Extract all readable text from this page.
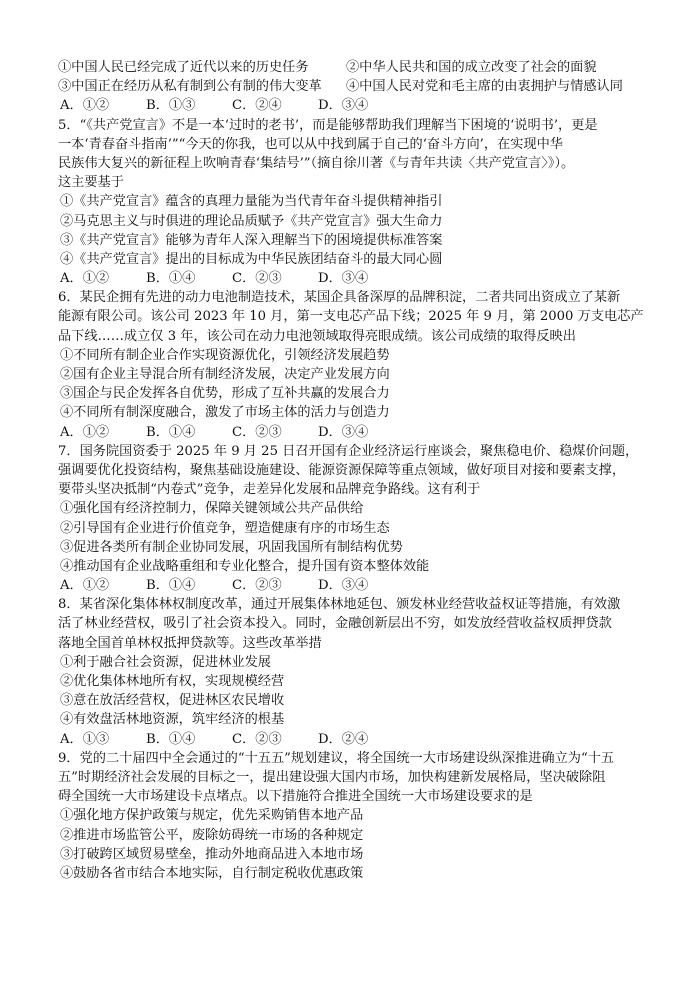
①中国人民已经完成了近代以来的历史任务	②中华人民共和国的成立改变了社会的面貌
③中国正在经历从私有制到公有制的伟大变革	④中国人民对党和毛主席的由衷拥护与情感认同
A．①②	B．①③	C．②④	D．③④
5．“《共产党宣言》不是一本‘过时的老书’，而是能够帮助我们理解当下困境的‘说明书’，更是
一本‘青春奋斗指南’”“今天的你我，也可以从中找到属于自己的‘奋斗方向’，在实现中华
民族伟大复兴的新征程上吹响青春‘集结号’”（摘自徐川著《与青年共读〈共产党宣言〉》）。
这主要基于
①《共产党宣言》蕴含的真理力量能为当代青年奋斗提供精神指引
②马克思主义与时俱进的理论品质赋予《共产党宣言》强大生命力
③《共产党宣言》能够为青年人深入理解当下的困境提供标准答案
④《共产党宣言》提出的目标成为中华民族团结奋斗的最大同心圆
A．①②	B．①④	C．②③	D．③④
6．某民企拥有先进的动力电池制造技术，某国企具备深厚的品牌积淀，二者共同出资成立了某新
能源有限公司。该公司 2023 年 10 月，第一支电芯产品下线；2025 年 9 月，第 2000 万支电芯产
品下线……成立仅 3 年，该公司在动力电池领域取得亮眼成绩。该公司成绩的取得反映出
①不同所有制企业合作实现资源优化，引领经济发展趋势
②国有企业主导混合所有制经济发展，决定产业发展方向
③国企与民企发挥各自优势，形成了互补共赢的发展合力
④不同所有制深度融合，激发了市场主体的活力与创造力
A．①②	B．①④	C．②③	D．③④
7．国务院国资委于 2025 年 9 月 25 日召开国有企业经济运行座谈会，聚焦稳电价、稳煤价问题，
强调要优化投资结构，聚焦基础设施建设、能源资源保障等重点领域，做好项目对接和要素支撑，
要带头坚决抵制“内卷式”竞争，走差异化发展和品牌竞争路线。这有利于
①强化国有经济控制力，保障关键领域公共产品供给
②引导国有企业进行价值竞争，塑造健康有序的市场生态
③促进各类所有制企业协同发展，巩固我国所有制结构优势
④推动国有企业战略重组和专业化整合，提升国有资本整体效能
A．①②	B．①④	C．②③	D．③④
8．某省深化集体林权制度改革，通过开展集体林地延包、颁发林业经营收益权证等措施，有效激
活了林业经营权，吸引了社会资本投入。同时，金融创新层出不穷，如发放经营收益权质押贷款
落地全国首单林权抵押贷款等。这些改革举措
①利于融合社会资源，促进林业发展
②优化集体林地所有权，实现规模经营
③意在放活经营权，促进林区农民增收
④有效盘活林地资源，筑牢经济的根基
A．①③	B．①④	C．②③	D．②④
9．党的二十届四中全会通过的“十五五”规划建议，将全国统一大市场建设纵深推进确立为“十五
五”时期经济社会发展的目标之一，提出建设强大国内市场，加快构建新发展格局，坚决破除阻
碍全国统一大市场建设卡点堵点。以下措施符合推进全国统一大市场建设要求的是
①强化地方保护政策与规定，优先采购销售本地产品
②推进市场监管公平，废除妨碍统一市场的各种规定
③打破跨区域贸易壁垒，推动外地商品进入本地市场
④鼓励各省市结合本地实际，自行制定税收优惠政策
